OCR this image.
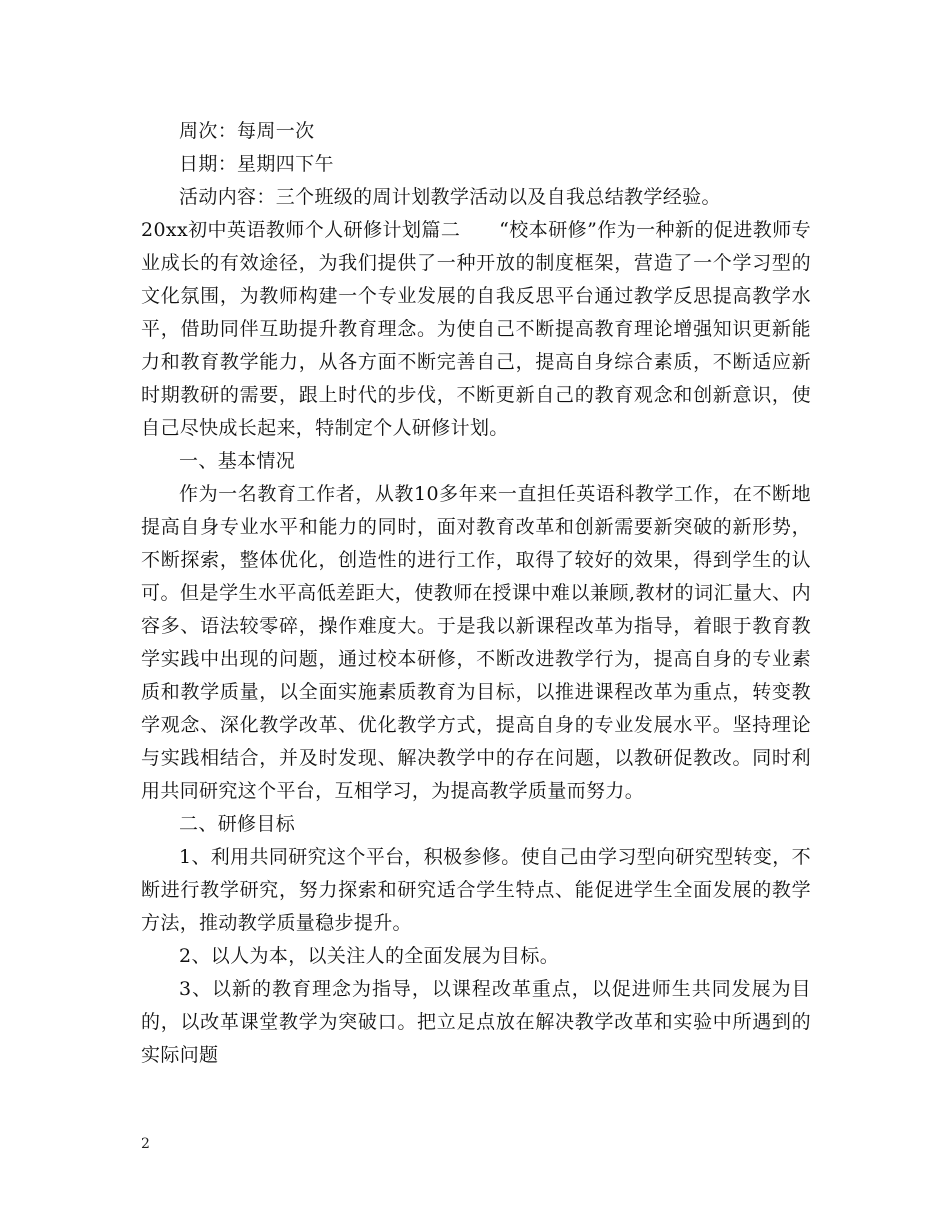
周次：每周一次

日期：星期四下午

活动内容：三个班级的周计划教学活动以及自我总结教学经验。

20xx初中英语教师个人研修计划篇二　　“校本研修”作为一种新的促进教师专业成长的有效途径，为我们提供了一种开放的制度框架，营造了一个学习型的文化氛围，为教师构建一个专业发展的自我反思平台通过教学反思提高教学水平，借助同伴互助提升教育理念。为使自己不断提高教育理论增强知识更新能力和教育教学能力，从各方面不断完善自己，提高自身综合素质，不断适应新时期教研的需要，跟上时代的步伐，不断更新自己的教育观念和创新意识，使自己尽快成长起来，特制定个人研修计划。

一、基本情况

作为一名教育工作者，从教10多年来一直担任英语科教学工作，在不断地提高自身专业水平和能力的同时，面对教育改革和创新需要新突破的新形势，不断探索，整体优化，创造性的进行工作，取得了较好的效果，得到学生的认可。但是学生水平高低差距大，使教师在授课中难以兼顾,教材的词汇量大、内容多、语法较零碎，操作难度大。于是我以新课程改革为指导，着眼于教育教学实践中出现的问题，通过校本研修，不断改进教学行为，提高自身的专业素质和教学质量，以全面实施素质教育为目标，以推进课程改革为重点，转变教学观念、深化教学改革、优化教学方式，提高自身的专业发展水平。坚持理论与实践相结合，并及时发现、解决教学中的存在问题，以教研促教改。同时利用共同研究这个平台，互相学习，为提高教学质量而努力。

二、研修目标

1、利用共同研究这个平台，积极参修。使自己由学习型向研究型转变，不断进行教学研究，努力探索和研究适合学生特点、能促进学生全面发展的教学方法，推动教学质量稳步提升。

2、以人为本，以关注人的全面发展为目标。

3、以新的教育理念为指导，以课程改革重点，以促进师生共同发展为目的，以改革课堂教学为突破口。把立足点放在解决教学改革和实验中所遇到的实际问题

2
